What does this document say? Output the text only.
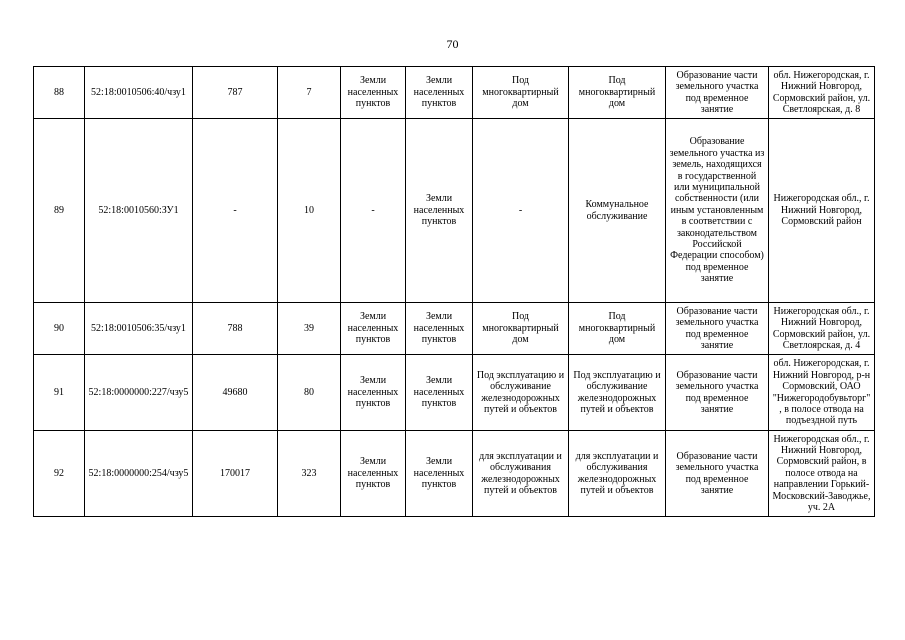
70
88	52:18:0010506:40/чзу1	787	7	Земли населенных пунктов	Земли населенных пунктов	Под многоквартирный дом	Под многоквартирный дом	Образование части земельного участка под временное занятие	обл. Нижегородская, г. Нижний Новгород, Сормовский район, ул. Светлоярская, д. 8
89	52:18:0010560:ЗУ1	-	10	-	Земли населенных пунктов	-	Коммунальное обслуживание	Образование земельного участка из земель, находящихся в государственной или муниципальной собственности (или иным установленным в соответствии с законодательством Российской Федерации способом) под временное занятие	Нижегородская обл., г. Нижний Новгород, Сормовский район
90	52:18:0010506:35/чзу1	788	39	Земли населенных пунктов	Земли населенных пунктов	Под многоквартирный дом	Под многоквартирный дом	Образование части земельного участка под временное занятие	Нижегородская обл., г. Нижний Новгород, Сормовский район, ул. Светлоярская, д. 4
91	52:18:0000000:227/чзу5	49680	80	Земли населенных пунктов	Земли населенных пунктов	Под эксплуатацию и обслуживание железнодорожных путей и объектов	Под эксплуатацию и обслуживание железнодорожных путей и объектов	Образование части земельного участка под временное занятие	обл. Нижегородская, г. Нижний Новгород, р-н Сормовский, ОАО "Нижегородобувьторг", в полосе отвода на подъездной путь
92	52:18:0000000:254/чзу5	170017	323	Земли населенных пунктов	Земли населенных пунктов	для эксплуатации и обслуживания железнодорожных путей и объектов	для эксплуатации и обслуживания железнодорожных путей и объектов	Образование части земельного участка под временное занятие	Нижегородская обл., г. Нижний Новгород, Сормовский район, в полосе отвода на направлении Горький-Московский-Заводжье, уч. 2А
